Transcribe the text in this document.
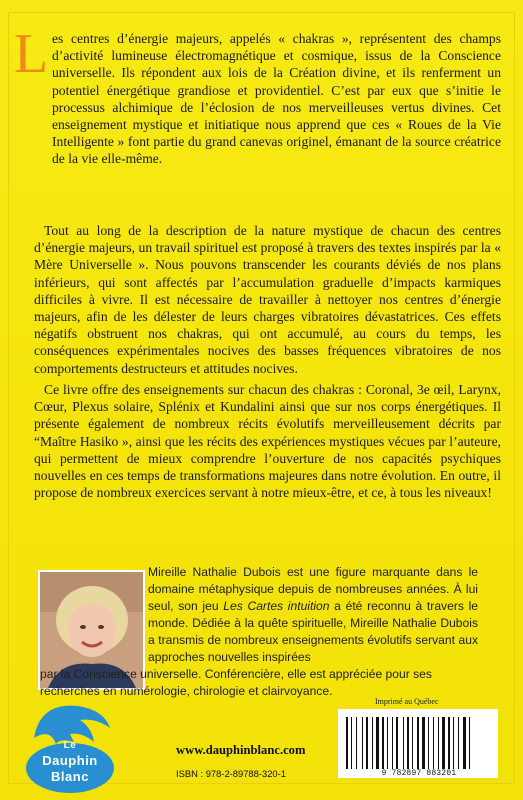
L es centres d’énergie majeurs, appelés « chakras », représentent des champs d’activité lumineuse électromagnétique et cosmique, issus de la Conscience universelle. Ils répondent aux lois de la Création divine, et ils renferment un potentiel énergétique grandiose et providentiel. C’est par eux que s’initie le processus alchimique de l’éclosion de nos merveilleuses vertus divines. Cet enseignement mystique et initiatique nous apprend que ces « Roues de la Vie Intelligente » font partie du grand canevas originel, émanant de la source créatrice de la vie elle-même.

Tout au long de la description de la nature mystique de chacun des centres d’énergie majeurs, un travail spirituel est proposé à travers des textes inspirés par la « Mère Universelle ». Nous pouvons transcender les courants déviés de nos plans inférieurs, qui sont affectés par l’accumulation graduelle d’impacts karmiques difficiles à vivre. Il est nécessaire de travailler à nettoyer nos centres d’énergie majeurs, afin de les délester de leurs charges vibratoires dévastatrices. Ces effets négatifs obstruent nos chakras, qui ont accumulé, au cours du temps, les conséquences expérimentales nocives des basses fréquences vibratoires de nos comportements destructeurs et attitudes nocives.

Ce livre offre des enseignements sur chacun des chakras : Coronal, 3e œil, Larynx, Cœur, Plexus solaire, Splénix et Kundalini ainsi que sur nos corps énergétiques. Il présente également de nombreux récits évolutifs merveilleusement décrits par “Maître Hasiko », ainsi que les récits des expériences mystiques vécues par l’auteure, qui permettent de mieux comprendre l’ouverture de nos capacités psychiques nouvelles en ces temps de transformations majeures dans notre évolution. En outre, il propose de nombreux exercices servant à notre mieux-être, et ce, à tous les niveaux!

Mireille Nathalie Dubois est une figure marquante dans le domaine métaphysique depuis de nombreuses années. À lui seul, son jeu Les Cartes intuition a été reconnu à travers le monde. Dédiée à la quête spirituelle, Mireille Nathalie Dubois a transmis de nombreux enseignements évolutifs servant aux approches nouvelles inspirées

par la Conscience universelle. Conférencière, elle est appréciée pour ses recherches en numérologie, chirologie et clairvoyance.

Le
Dauphin
Blanc
www.dauphinblanc.com
ISBN : 978-2-89788-320-1
Imprimé au Québec
9 782897 883201
